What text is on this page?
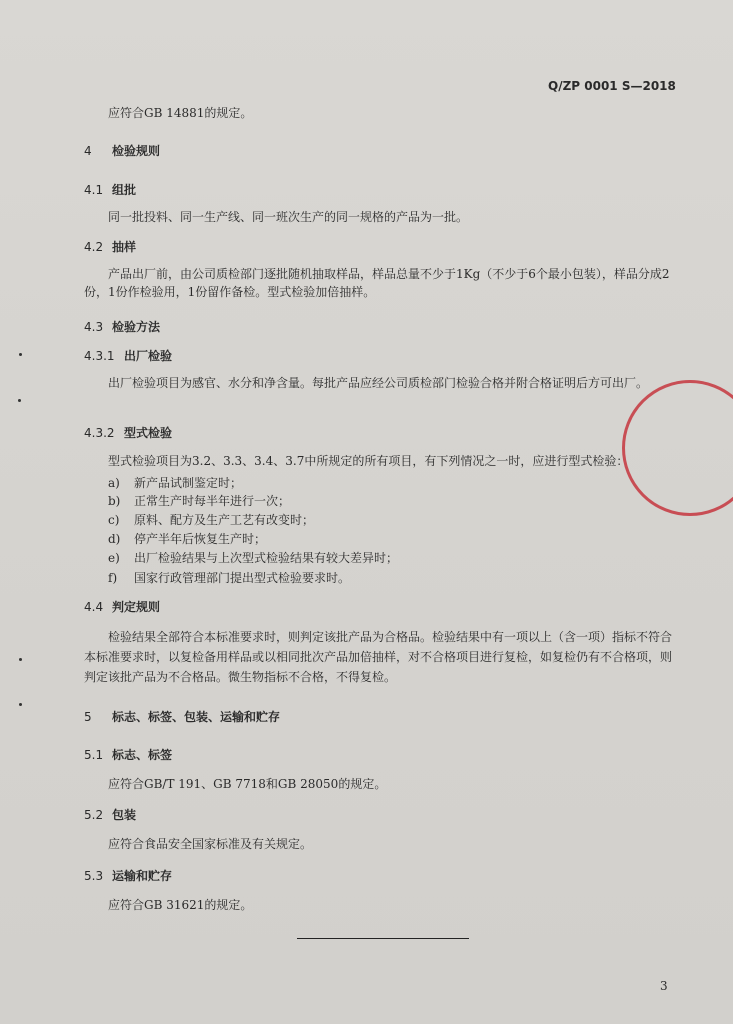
Q/ZP 0001 S—2018
应符合GB 14881的规定。
4 检验规则
4.1 组批
同一批投料、同一生产线、同一班次生产的同一规格的产品为一批。
4.2 抽样
产品出厂前，由公司质检部门逐批随机抽取样品，样品总量不少于1Kg（不少于6个最小包装），样品分成2份，1份作检验用，1份留作备检。型式检验加倍抽样。
4.3 检验方法
4.3.1 出厂检验
出厂检验项目为感官、水分和净含量。每批产品应经公司质检部门检验合格并附合格证明后方可出厂。
4.3.2 型式检验
型式检验项目为3.2、3.3、3.4、3.7中所规定的所有项目，有下列情况之一时，应进行型式检验：
a) 新产品试制鉴定时；
b) 正常生产时每半年进行一次；
c) 原料、配方及生产工艺有改变时；
d) 停产半年后恢复生产时；
e) 出厂检验结果与上次型式检验结果有较大差异时；
f) 国家行政管理部门提出型式检验要求时。
4.4 判定规则
检验结果全部符合本标准要求时，则判定该批产品为合格品。检验结果中有一项以上（含一项）指标不符合本标准要求时，以复检备用样品或以相同批次产品加倍抽样，对不合格项目进行复检，如复检仍有不合格项，则判定该批产品为不合格品。微生物指标不合格，不得复检。
5 标志、标签、包装、运输和贮存
5.1 标志、标签
应符合GB/T 191、GB 7718和GB 28050的规定。
5.2 包装
应符合食品安全国家标准及有关规定。
5.3 运输和贮存
应符合GB 31621的规定。
3
